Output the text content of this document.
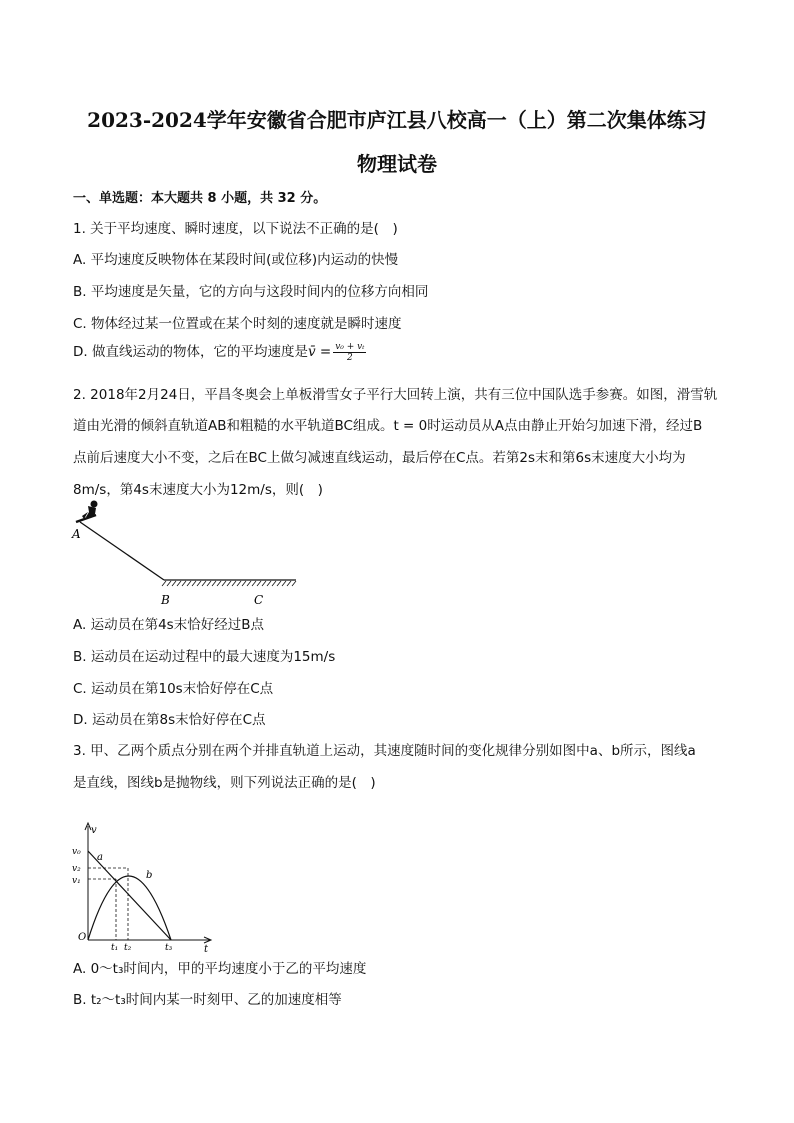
2023-2024学年安徽省合肥市庐江县八校高一（上）第二次集体练习
物理试卷
一、单选题：本大题共 8 小题，共 32 分。
1. 关于平均速度、瞬时速度，以下说法不正确的是(　)
A. 平均速度反映物体在某段时间(或位移)内运动的快慢
B. 平均速度是矢量，它的方向与这段时间内的位移方向相同
C. 物体经过某一位置或在某个时刻的速度就是瞬时速度
D. 做直线运动的物体，它的平均速度是v̄ = $\frac{\text{v₀ + vₜ}}{2}$
2. 2018年2月24日，平昌冬奥会上单板滑雪女子平行大回转上演，共有三位中国队选手参赛。如图，滑雪轨
道由光滑的倾斜直轨道AB和粗糙的水平轨道BC组成。t = 0时运动员从A点由静止开始匀加速下滑，经过B
点前后速度大小不变，之后在BC上做匀减速直线运动，最后停在C点。若第2s末和第6s末速度大小均为
8m/s，第4s末速度大小为12m/s，则(　)
A
B	C
A. 运动员在第4s末恰好经过B点
B. 运动员在运动过程中的最大速度为15m/s
C. 运动员在第10s末恰好停在C点
D. 运动员在第8s末恰好停在C点
3. 甲、乙两个质点分别在两个并排直轨道上运动，其速度随时间的变化规律分别如图中a、b所示，图线a
是直线，图线b是抛物线，则下列说法正确的是(　)
v
t
O
v₀
v₂
v₁
t₁ t₂	t₃
a
b
A. 0～t₃时间内，甲的平均速度小于乙的平均速度
B. t₂～t₃时间内某一时刻甲、乙的加速度相等
